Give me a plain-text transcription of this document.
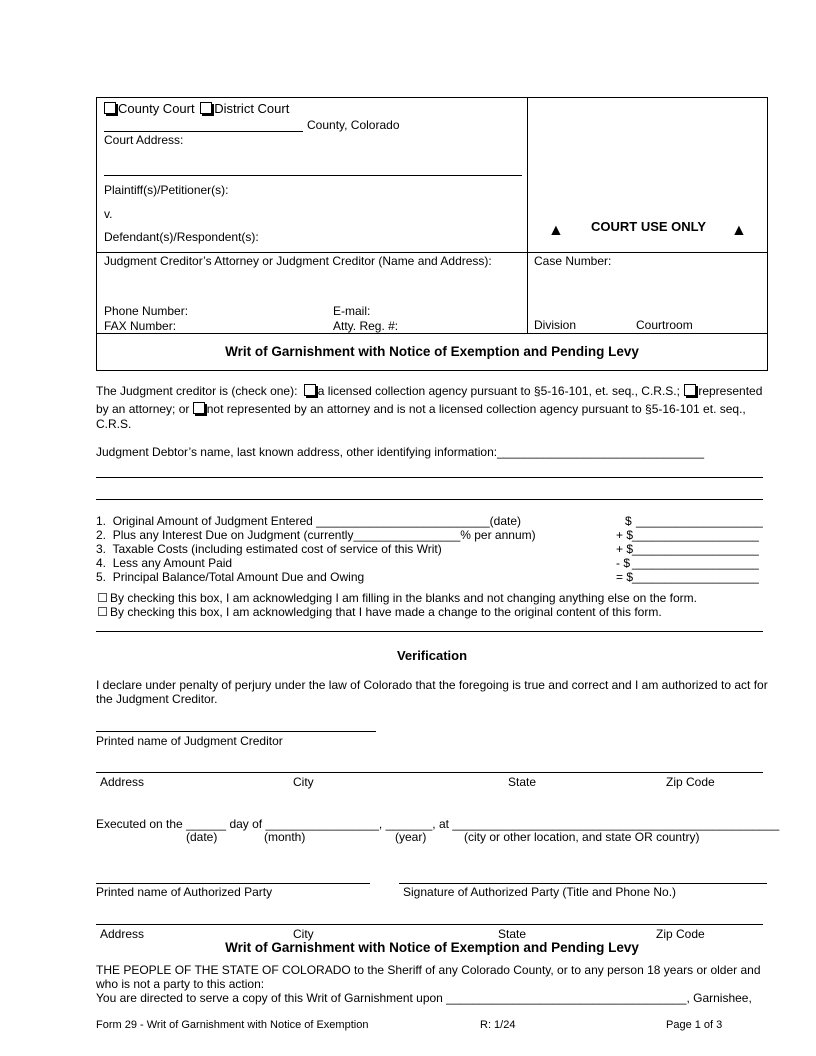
County Court District Court
County, Colorado
Court Address:
Plaintiff(s)/Petitioner(s):
v.
Defendant(s)/Respondent(s):	▲ COURT USE ONLY ▲
Judgment Creditor’s Attorney or Judgment Creditor (Name and Address):	Case Number:
Phone Number:	E-mail:
FAX Number:	Atty. Reg. #:	Division	Courtroom
Writ of Garnishment with Notice of Exemption and Pending Levy
The Judgment creditor is (check one): a licensed collection agency pursuant to §5-16-101, et. seq., C.R.S.; represented
by an attorney; or not represented by an attorney and is not a licensed collection agency pursuant to §5-16-101 et. seq.,
C.R.S.
Judgment Debtor’s name, last known address, other identifying information:_______________________________
1. Original Amount of Judgment Entered __________________________(date)	$ ___________________
2. Plus any Interest Due on Judgment (currently________________% per annum)	+ $
___________________
3. Taxable Costs (including estimated cost of service of this Writ)	+ $
___________________
4. Less any Amount Paid	- $ ___________________
5. Principal Balance/Total Amount Due and Owing	= $
___________________
By checking this box, I am acknowledging I am filling in the blanks and not changing anything else on the form.
By checking this box, I am acknowledging that I have made a change to the original content of this form.
Verification
I declare under penalty of perjury under the law of Colorado that the foregoing is true and correct and I am authorized to act for
the Judgment Creditor.
Printed name of Judgment Creditor
Address	City	State	Zip Code
Executed on the ______ day of _________________, _______, at _________________________________________________
(date)	(month)	(year)	(city or other location, and state OR country)
Printed name of Authorized Party	Signature of Authorized Party (Title and Phone No.)
Address	City	State	Zip Code
Writ of Garnishment with Notice of Exemption and Pending Levy
THE PEOPLE OF THE STATE OF COLORADO to the Sheriff of any Colorado County, or to any person 18 years or older and
who is not a party to this action:
You are directed to serve a copy of this Writ of Garnishment upon ____________________________________, Garnishee,
Form 29 - Writ of Garnishment with Notice of Exemption	R: 1/24	Page 1 of 3
